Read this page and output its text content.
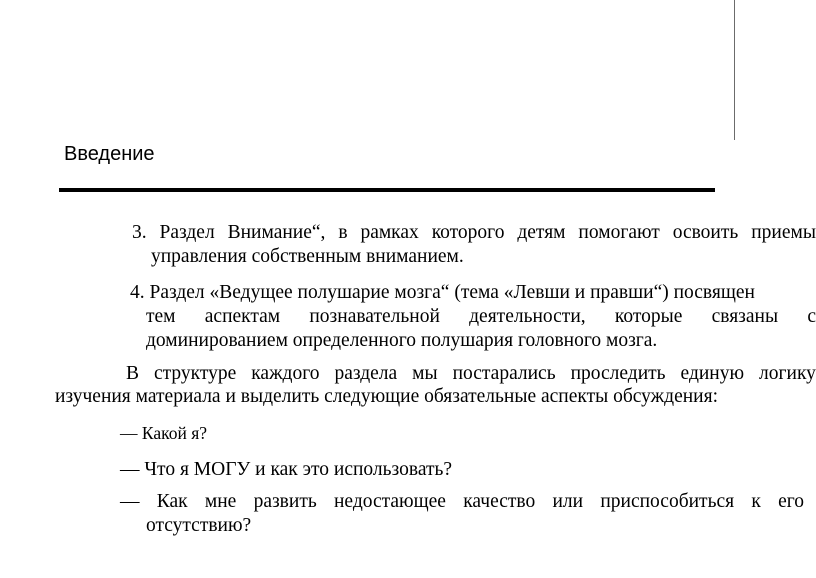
Введение
3. Раздел Внимание“, в рамках которого детям помогают освоить приемы
управления собственным вниманием.
4. Раздел «Ведущее полушарие мозга“ (тема «Левши и правши“) посвящен
тем аспектам познавательной деятельности, которые связаны с
доминированием определенного полушария головного мозга.
В структуре каждого раздела мы постарались проследить единую логику
изучения материала и выделить следующие обязательные аспекты обсуждения:
— Какой я?
— Что я МОГУ и как это использовать?
— Как мне развить недостающее качество или приспособиться к его
отсутствию?
